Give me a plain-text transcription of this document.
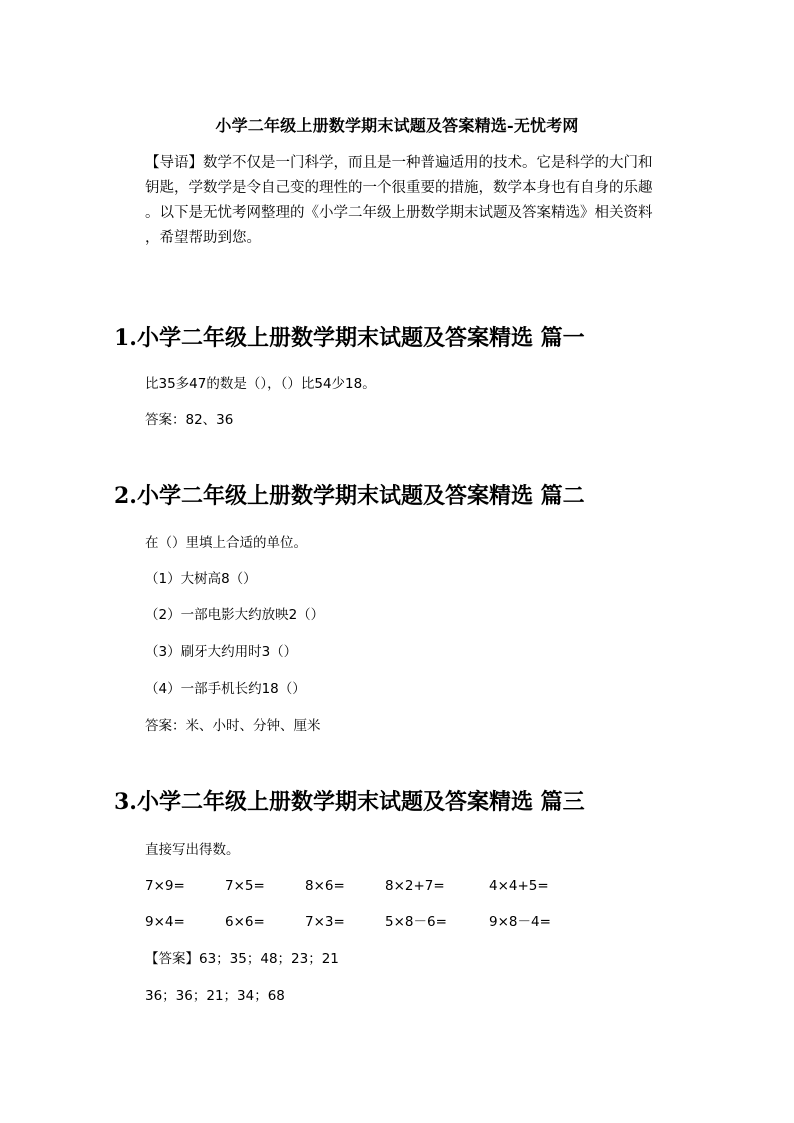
小学二年级上册数学期末试题及答案精选-无忧考网
【导语】数学不仅是一门科学，而且是一种普遍适用的技术。它是科学的大门和
钥匙，学数学是令自己变的理性的一个很重要的措施，数学本身也有自身的乐趣
。以下是无忧考网整理的《小学二年级上册数学期末试题及答案精选》相关资料
，希望帮助到您。
1.小学二年级上册数学期末试题及答案精选 篇一
比35多47的数是（），（）比54少18。
答案：82、36
2.小学二年级上册数学期末试题及答案精选 篇二
在（）里填上合适的单位。
（1）大树高8（）
（2）一部电影大约放映2（）
（3）刷牙大约用时3（）
（4）一部手机长约18（）
答案：米、小时、分钟、厘米
3.小学二年级上册数学期末试题及答案精选 篇三
直接写出得数。
7×9=	7×5=	8×6=	8×2+7=	4×4+5=
9×4=	6×6=	7×3=	5×8－6=	9×8－4=
【答案】63；35；48；23；21
36；36；21；34；68
